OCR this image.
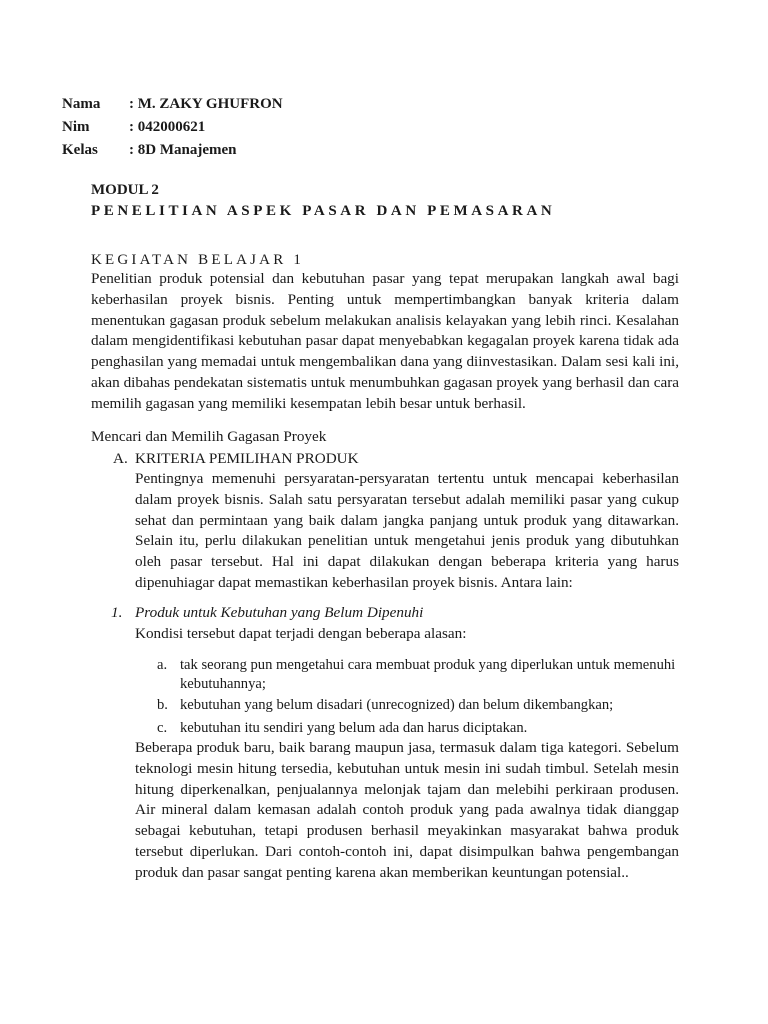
Nama : M. ZAKY GHUFRON
Nim	: 042000621
Kelas : 8D Manajemen
MODUL 2
PENELITIAN ASPEK PASAR DAN PEMASARAN
KEGIATAN BELAJAR 1

Penelitian produk potensial dan kebutuhan pasar yang tepat merupakan langkah awal bagi keberhasilan proyek bisnis. Penting untuk mempertimbangkan banyak kriteria dalam menentukan gagasan produk sebelum melakukan analisis kelayakan yang lebih rinci. Kesalahan dalam mengidentifikasi kebutuhan pasar dapat menyebabkan kegagalan proyek karena tidak ada penghasilan yang memadai untuk mengembalikan dana yang diinvestasikan. Dalam sesi kali ini, akan dibahas pendekatan sistematis untuk menumbuhkan gagasan proyek yang berhasil dan cara memilih gagasan yang memiliki kesempatan lebih besar untuk berhasil.

Mencari dan Memilih Gagasan Proyek
A. KRITERIA PEMILIHAN PRODUK

Pentingnya memenuhi persyaratan-persyaratan tertentu untuk mencapai keberhasilan dalam proyek bisnis. Salah satu persyaratan tersebut adalah memiliki pasar yang cukup sehat dan permintaan yang baik dalam jangka panjang untuk produk yang ditawarkan. Selain itu, perlu dilakukan penelitian untuk mengetahui jenis produk yang dibutuhkan oleh pasar tersebut. Hal ini dapat dilakukan dengan beberapa kriteria yang harus dipenuhiagar dapat memastikan keberhasilan proyek bisnis. Antara lain:

1. Produk untuk Kebutuhan yang Belum Dipenuhi
Kondisi tersebut dapat terjadi dengan beberapa alasan:
a. tak seorang pun mengetahui cara membuat produk yang diperlukan untuk memenuhi kebutuhannya;
b. kebutuhan yang belum disadari (unrecognized) dan belum dikembangkan;
c. kebutuhan itu sendiri yang belum ada dan harus diciptakan.

Beberapa produk baru, baik barang maupun jasa, termasuk dalam tiga kategori. Sebelum teknologi mesin hitung tersedia, kebutuhan untuk mesin ini sudah timbul. Setelah mesin hitung diperkenalkan, penjualannya melonjak tajam dan melebihi perkiraan produsen. Air mineral dalam kemasan adalah contoh produk yang pada awalnya tidak dianggap sebagai kebutuhan, tetapi produsen berhasil meyakinkan masyarakat bahwa produk tersebut diperlukan. Dari contoh-contoh ini, dapat disimpulkan bahwa pengembangan produk dan pasar sangat penting karena akan memberikan keuntungan potensial..
